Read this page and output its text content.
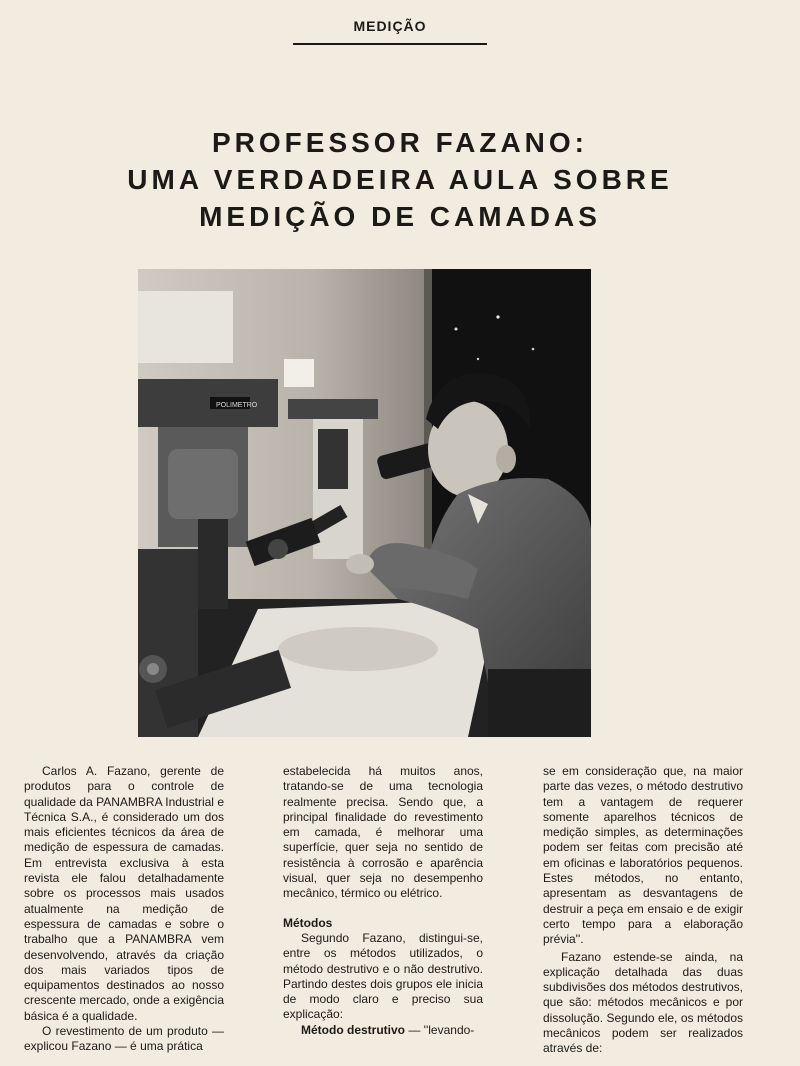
MEDIÇÃO
PROFESSOR FAZANO:
UMA VERDADEIRA AULA SOBRE
MEDIÇÃO DE CAMADAS
POLIMETRO

Carlos A. Fazano, gerente de produtos para o controle de qualidade da PANAMBRA Industrial e Técnica S.A., é considerado um dos mais eficientes técnicos da área de medição de espessura de camadas. Em entrevista exclusiva à esta revista ele falou detalhadamente sobre os processos mais usados atualmente na medição de espessura de camadas e sobre o trabalho que a PANAMBRA vem desenvolvendo, através da criação dos mais variados tipos de equipamentos destinados ao nosso crescente mercado, onde a exigência básica é a qualidade.

O revestimento de um produto — explicou Fazano — é uma prática

estabelecida há muitos anos, tratando-se de uma tecnologia realmente precisa. Sendo que, a principal finalidade do revestimento em camada, é melhorar uma superfície, quer seja no sentido de resistência à corrosão e aparência visual, quer seja no desempenho mecânico, térmico ou elétrico.

Métodos

Segundo Fazano, distingui-se, entre os métodos utilizados, o método destrutivo e o não destrutivo. Partindo destes dois grupos ele inicia de modo claro e preciso sua explicação:

Método destrutivo — ''levando-

se em consideração que, na maior parte das vezes, o método destrutivo tem a vantagem de requerer somente aparelhos técnicos de medição simples, as determinações podem ser feitas com precisão até em oficinas e laboratórios pequenos. Estes métodos, no entanto, apresentam as desvantagens de destruir a peça em ensaio e de exigir certo tempo para a elaboração prévia''.

Fazano estende-se ainda, na explicação detalhada das duas subdivisões dos métodos destrutivos, que são: métodos mecânicos e por dissolução. Segundo ele, os métodos mecânicos podem ser realizados através de:
